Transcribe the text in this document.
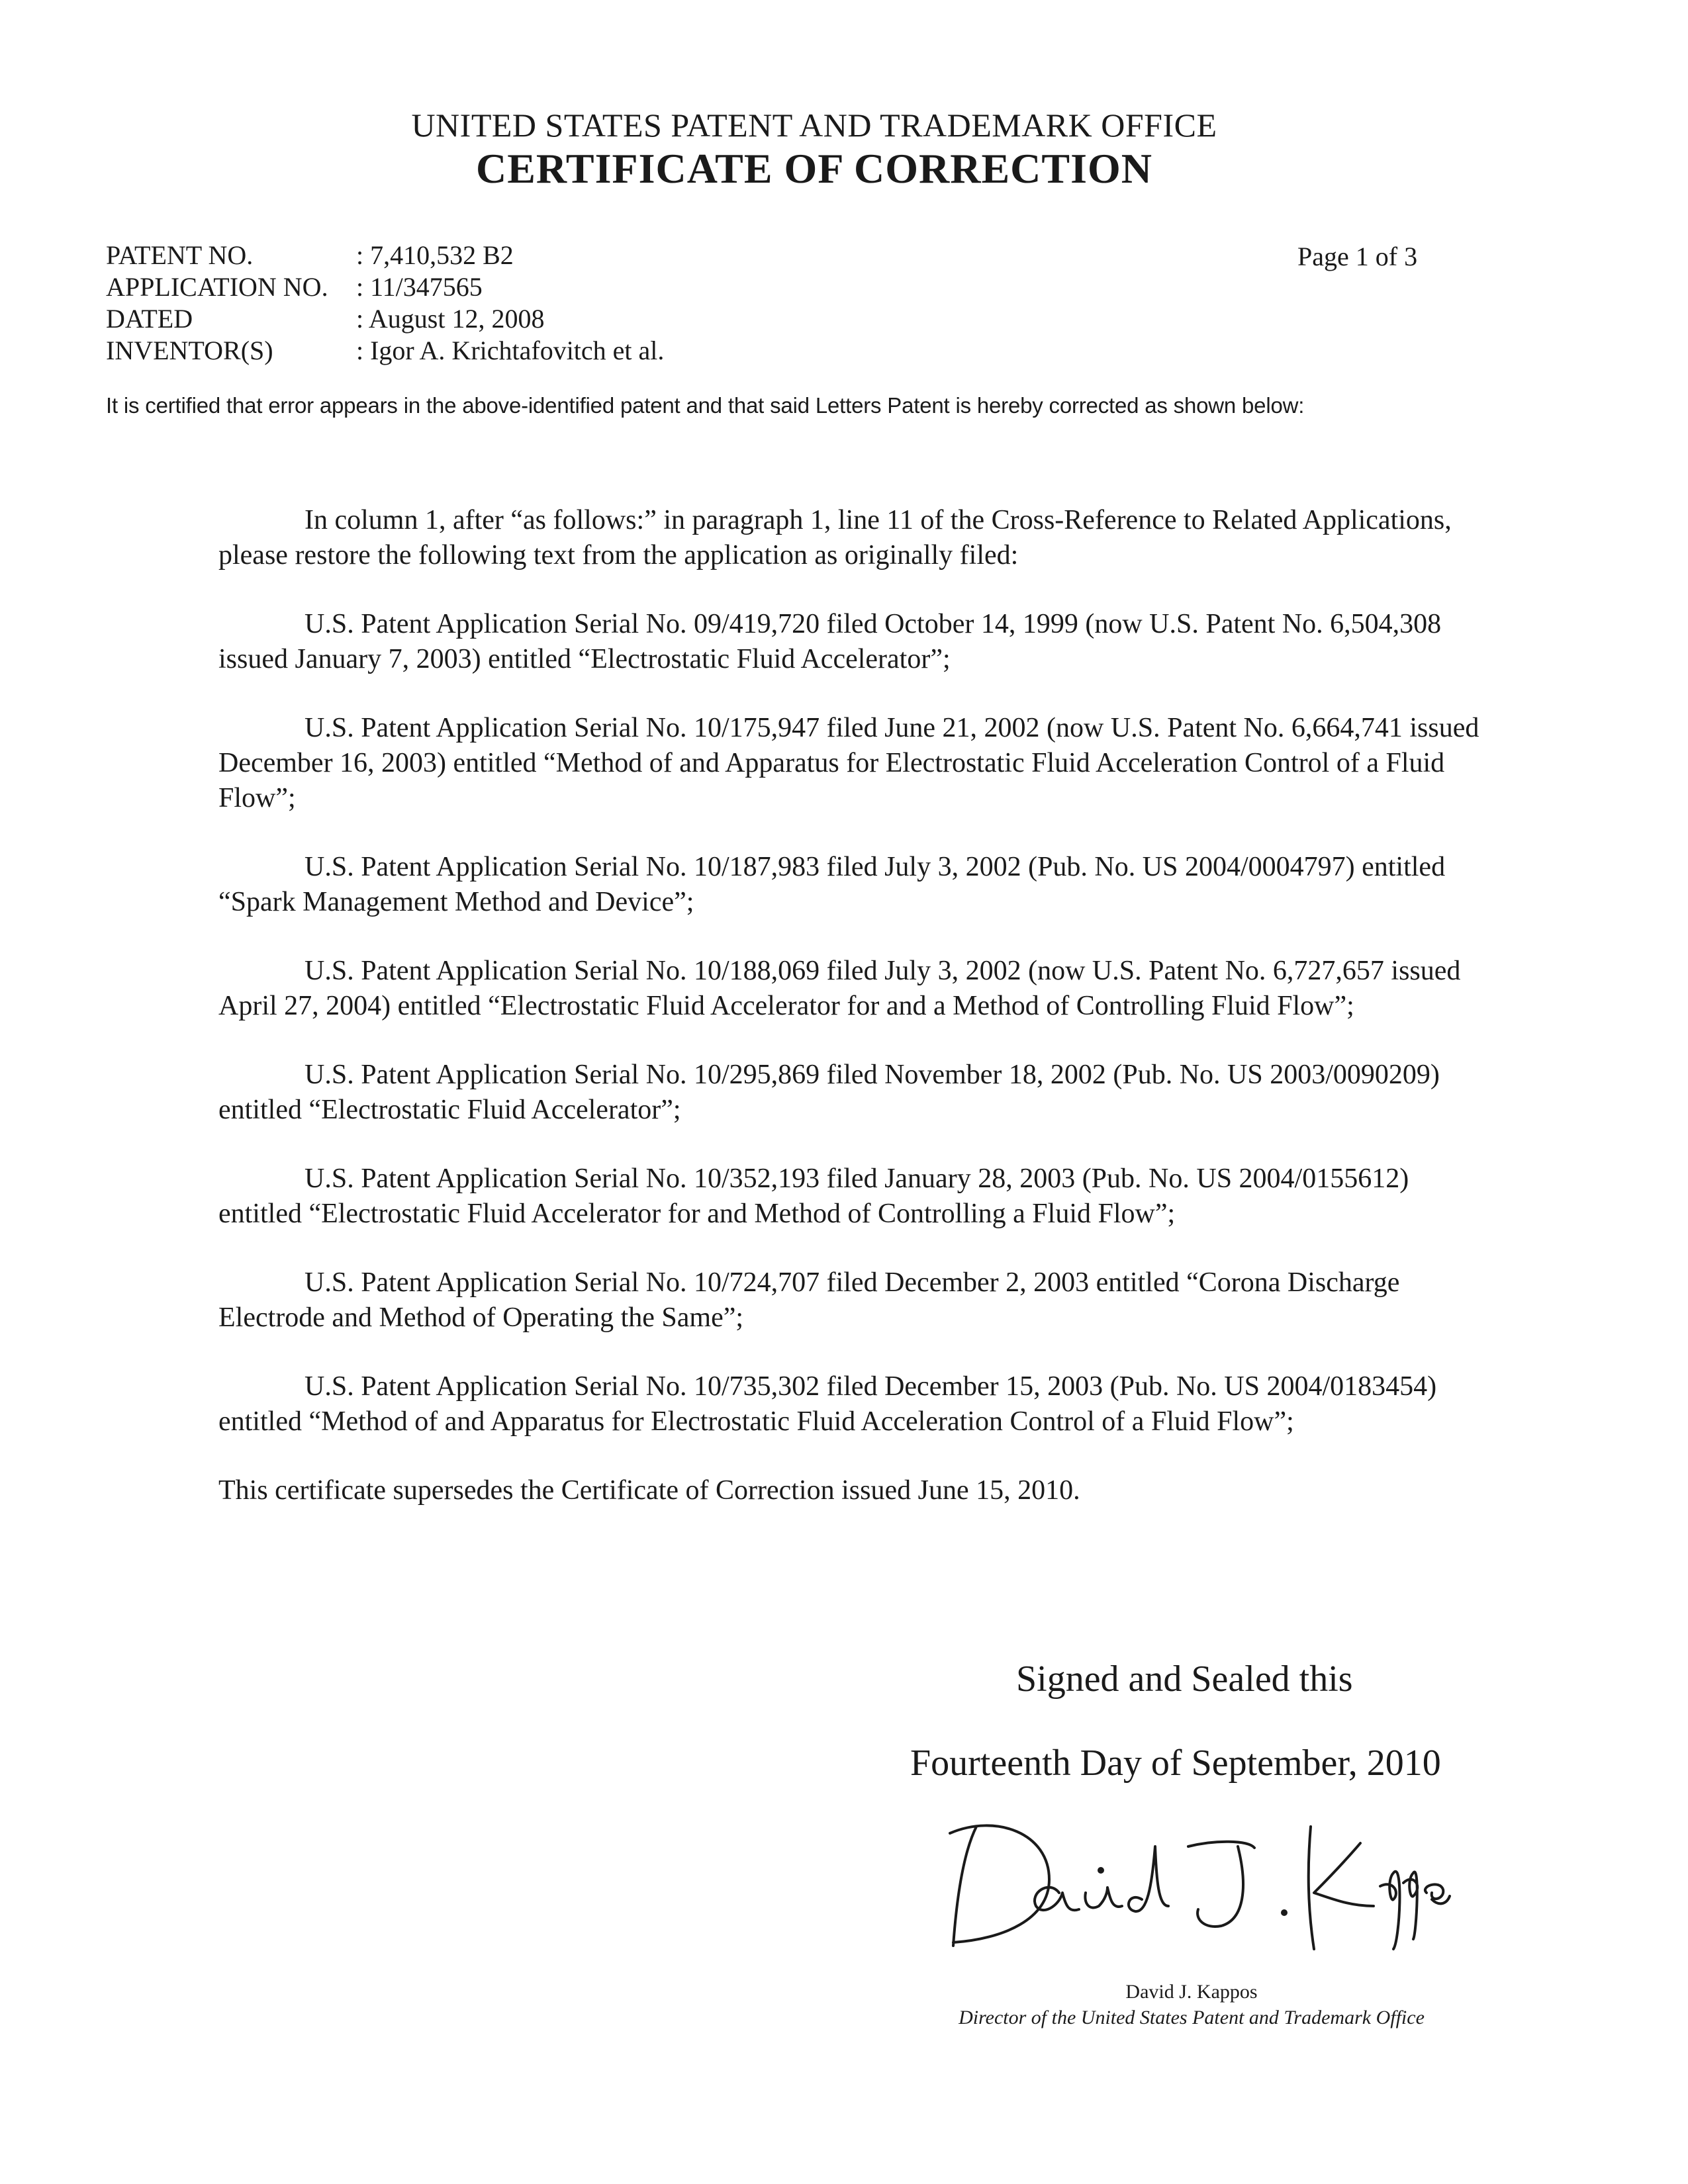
UNITED STATES PATENT AND TRADEMARK OFFICE
CERTIFICATE OF CORRECTION
PATENT NO.	: 7,410,532 B2
APPLICATION NO.	: 11/347565
DATED	: August 12, 2008
INVENTOR(S)	: Igor A. Krichtafovitch et al.
Page 1 of 3
It is certified that error appears in the above-identified patent and that said Letters Patent is hereby corrected as shown below:

In column 1, after “as follows:” in paragraph 1, line 11 of the Cross-Reference to Related Applications, please restore the following text from the application as originally filed:

U.S. Patent Application Serial No. 09/419,720 filed October 14, 1999 (now U.S. Patent No. 6,504,308 issued January 7, 2003) entitled “Electrostatic Fluid Accelerator”;

U.S. Patent Application Serial No. 10/175,947 filed June 21, 2002 (now U.S. Patent No. 6,664,741 issued December 16, 2003) entitled “Method of and Apparatus for Electrostatic Fluid Acceleration Control of a Fluid Flow”;

U.S. Patent Application Serial No. 10/187,983 filed July 3, 2002 (Pub. No. US 2004/0004797) entitled “Spark Management Method and Device”;

U.S. Patent Application Serial No. 10/188,069 filed July 3, 2002 (now U.S. Patent No. 6,727,657 issued April 27, 2004) entitled “Electrostatic Fluid Accelerator for and a Method of Controlling Fluid Flow”;

U.S. Patent Application Serial No. 10/295,869 filed November 18, 2002 (Pub. No. US 2003/0090209) entitled “Electrostatic Fluid Accelerator”;

U.S. Patent Application Serial No. 10/352,193 filed January 28, 2003 (Pub. No. US 2004/0155612) entitled “Electrostatic Fluid Accelerator for and Method of Controlling a Fluid Flow”;

U.S. Patent Application Serial No. 10/724,707 filed December 2, 2003 entitled “Corona Discharge Electrode and Method of Operating the Same”;

U.S. Patent Application Serial No. 10/735,302 filed December 15, 2003 (Pub. No. US 2004/0183454) entitled “Method of and Apparatus for Electrostatic Fluid Acceleration Control of a Fluid Flow”;

This certificate supersedes the Certificate of Correction issued June 15, 2010.

Signed and Sealed this
Fourteenth Day of September, 2010
David J. Kappos
Director of the United States Patent and Trademark Office
